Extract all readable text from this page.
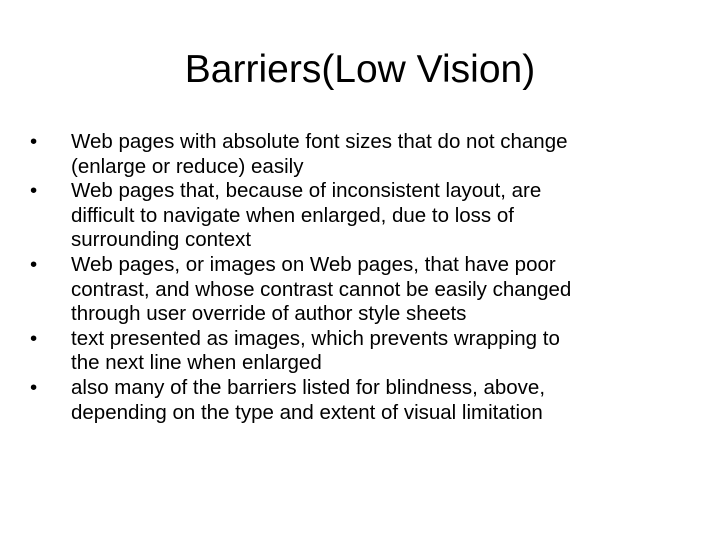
Barriers(Low Vision)
• Web pages with absolute font sizes that do not change
(enlarge or reduce) easily
• Web pages that, because of inconsistent layout, are
difficult to navigate when enlarged, due to loss of
surrounding context
• Web pages, or images on Web pages, that have poor
contrast, and whose contrast cannot be easily changed
through user override of author style sheets
• text presented as images, which prevents wrapping to
the next line when enlarged
• also many of the barriers listed for blindness, above,
depending on the type and extent of visual limitation
